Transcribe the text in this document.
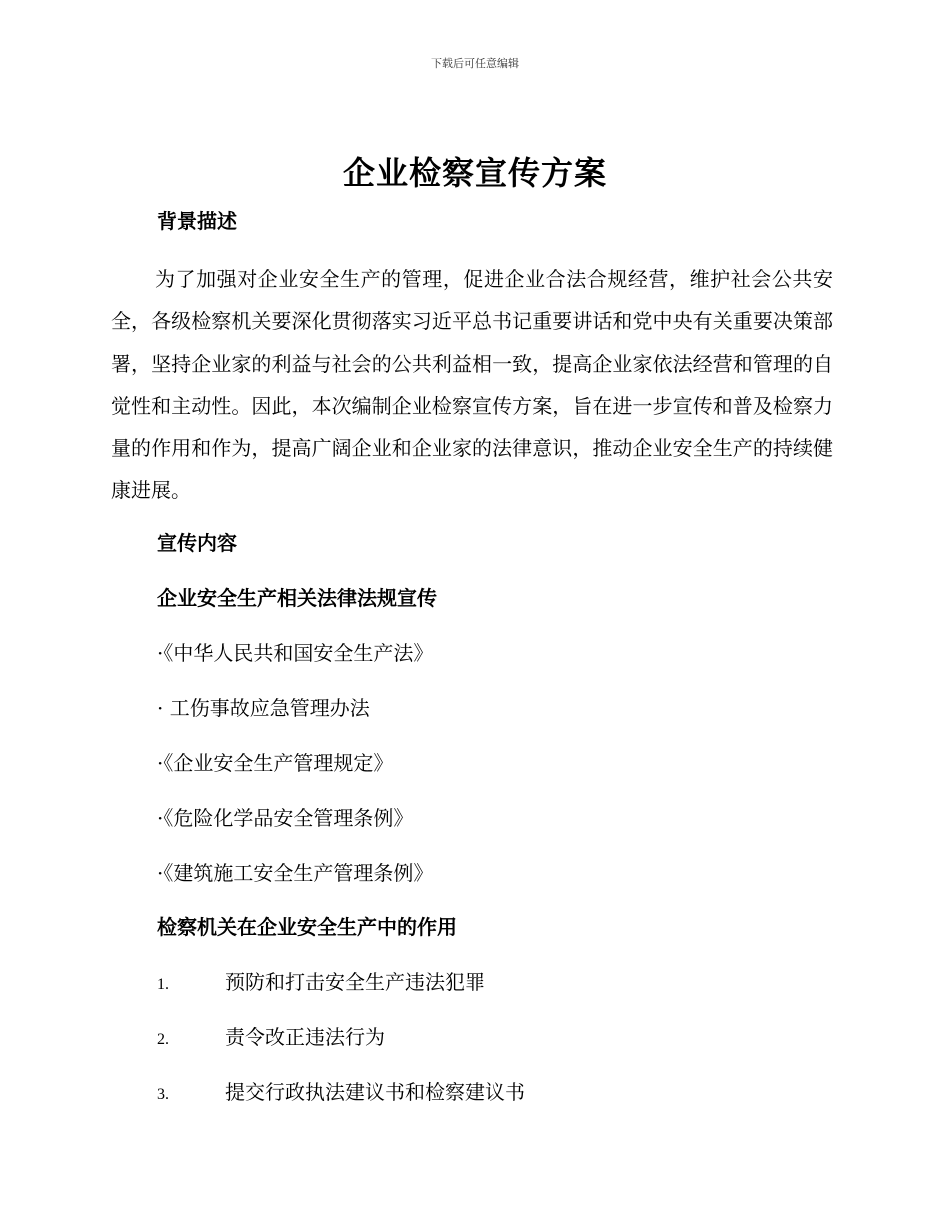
下载后可任意编辑
企业检察宣传方案
背景描述

为了加强对企业安全生产的管理，促进企业合法合规经营，维护社会公共安全，各级检察机关要深化贯彻落实习近平总书记重要讲话和党中央有关重要决策部署，坚持企业家的利益与社会的公共利益相一致，提高企业家依法经营和管理的自觉性和主动性。因此，本次编制企业检察宣传方案，旨在进一步宣传和普及检察力量的作用和作为，提高广阔企业和企业家的法律意识，推动企业安全生产的持续健康进展。

宣传内容
企业安全生产相关法律法规宣传

·《中华人民共和国安全生产法》

· 工伤事故应急管理办法

·《企业安全生产管理规定》

·《危险化学品安全管理条例》

·《建筑施工安全生产管理条例》

检察机关在企业安全生产中的作用

1.	预防和打击安全生产违法犯罪

2.	责令改正违法行为

3.	提交行政执法建议书和检察建议书
